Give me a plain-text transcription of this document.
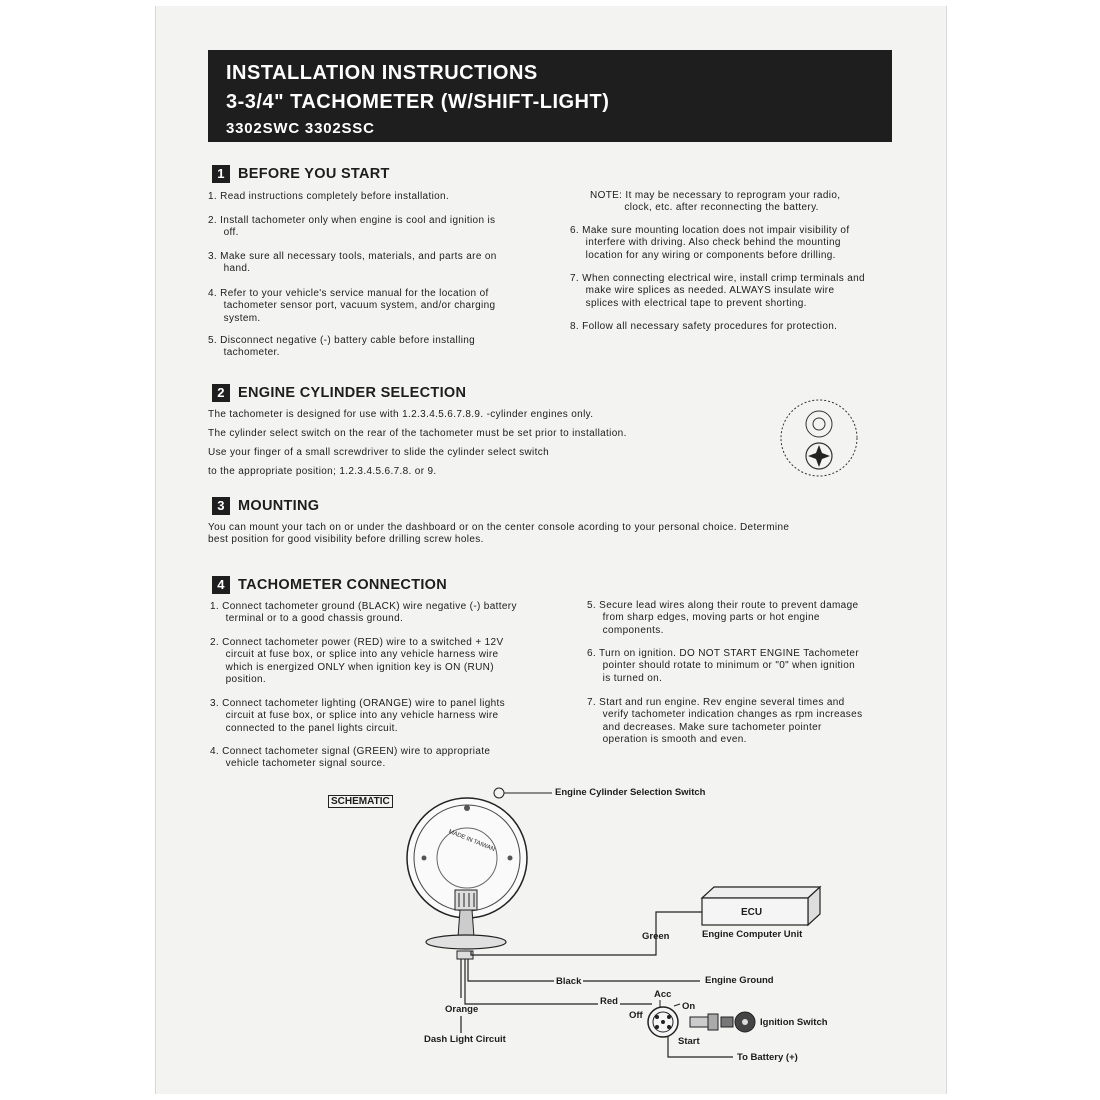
INSTALLATION INSTRUCTIONS
3-3/4" TACHOMETER (W/SHIFT-LIGHT)
3302SWC 3302SSC
1 BEFORE YOU START
1. Read instructions completely before installation.
2. Install tachometer only when engine is cool and ignition is
off.
3. Make sure all necessary tools, materials, and parts are on
hand.
4. Refer to your vehicle's service manual for the location of
tachometer sensor port, vacuum system, and/or charging
system.
5. Disconnect negative (-) battery cable before installing
tachometer.
NOTE: It may be necessary to reprogram your radio,
clock, etc. after reconnecting the battery.
6. Make sure mounting location does not impair visibility of
interfere with driving. Also check behind the mounting
location for any wiring or components before drilling.
7. When connecting electrical wire, install crimp terminals and
make wire splices as needed. ALWAYS insulate wire
splices with electrical tape to prevent shorting.
8. Follow all necessary safety procedures for protection.
2 ENGINE CYLINDER SELECTION
The tachometer is designed for use with 1.2.3.4.5.6.7.8.9. -cylinder engines only.
The cylinder select switch on the rear of the tachometer must be set prior to installation.
Use your finger of a small screwdriver to slide the cylinder select switch
to the appropriate position; 1.2.3.4.5.6.7.8. or 9.
3 MOUNTING
You can mount your tach on or under the dashboard or on the center console acording to your personal choice. Determine
best position for good visibility before drilling screw holes.
4 TACHOMETER CONNECTION
1. Connect tachometer ground (BLACK) wire negative (-) battery
terminal or to a good chassis ground.
2. Connect tachometer power (RED) wire to a switched + 12V
circuit at fuse box, or splice into any vehicle harness wire
which is energized ONLY when ignition key is ON (RUN)
position.
3. Connect tachometer lighting (ORANGE) wire to panel lights
circuit at fuse box, or splice into any vehicle harness wire
connected to the panel lights circuit.
4. Connect tachometer signal (GREEN) wire to appropriate
vehicle tachometer signal source.
5. Secure lead wires along their route to prevent damage
from sharp edges, moving parts or hot engine
components.
6. Turn on ignition. DO NOT START ENGINE Tachometer
pointer should rotate to minimum or "0" when ignition
is turned on.
7. Start and run engine. Rev engine several times and
verify tachometer indication changes as rpm increases
and decreases. Make sure tachometer pointer
operation is smooth and even.
SCHEMATIC
Engine Cylinder Selection Switch
ECU
Green	Engine Computer Unit
Black	Engine Ground
Red
Acc
On
Off
Start
Ignition Switch
To Battery (+)
Orange
Dash Light Circuit
MADE IN TAIWAN
